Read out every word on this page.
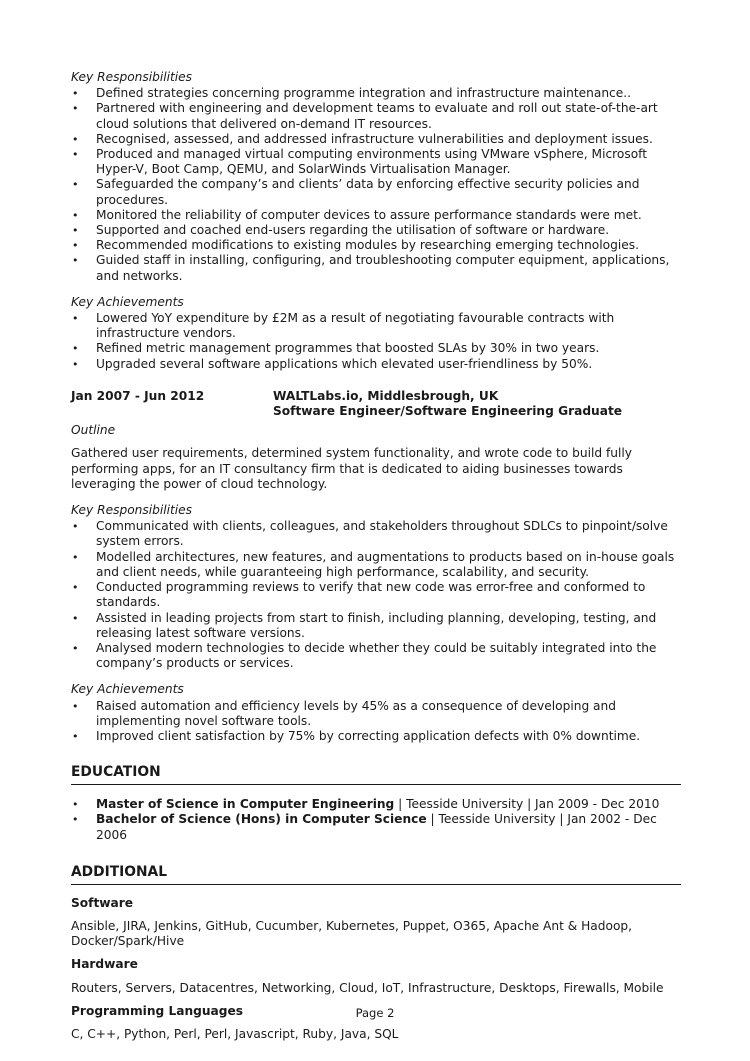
Key Responsibilities
• Defined strategies concerning programme integration and infrastructure maintenance..
• Partnered with engineering and development teams to evaluate and roll out state-of-the-art cloud solutions that delivered on-demand IT resources.
• Recognised, assessed, and addressed infrastructure vulnerabilities and deployment issues.
• Produced and managed virtual computing environments using VMware vSphere, Microsoft Hyper-V, Boot Camp, QEMU, and SolarWinds Virtualisation Manager.
• Safeguarded the company’s and clients’ data by enforcing effective security policies and procedures.
• Monitored the reliability of computer devices to assure performance standards were met.
• Supported and coached end-users regarding the utilisation of software or hardware.
• Recommended modifications to existing modules by researching emerging technologies.
• Guided staff in installing, configuring, and troubleshooting computer equipment, applications, and networks.
Key Achievements
• Lowered YoY expenditure by £2M as a result of negotiating favourable contracts with infrastructure vendors.
• Refined metric management programmes that boosted SLAs by 30% in two years.
• Upgraded several software applications which elevated user-friendliness by 50%.
Jan 2007 - Jun 2012	WALTLabs.io, Middlesbrough, UK
Software Engineer/Software Engineering Graduate
Outline

Gathered user requirements, determined system functionality, and wrote code to build fully performing apps, for an IT consultancy firm that is dedicated to aiding businesses towards leveraging the power of cloud technology.

Key Responsibilities
• Communicated with clients, colleagues, and stakeholders throughout SDLCs to pinpoint/solve system errors.
• Modelled architectures, new features, and augmentations to products based on in-house goals and client needs, while guaranteeing high performance, scalability, and security.
• Conducted programming reviews to verify that new code was error-free and conformed to standards.
• Assisted in leading projects from start to finish, including planning, developing, testing, and releasing latest software versions.
• Analysed modern technologies to decide whether they could be suitably integrated into the company’s products or services.
Key Achievements
• Raised automation and efficiency levels by 45% as a consequence of developing and implementing novel software tools.
• Improved client satisfaction by 75% by correcting application defects with 0% downtime.
EDUCATION
• Master of Science in Computer Engineering | Teesside University | Jan 2009 - Dec 2010
• Bachelor of Science (Hons) in Computer Science | Teesside University | Jan 2002 - Dec 2006
ADDITIONAL
Software
Ansible, JIRA, Jenkins, GitHub, Cucumber, Kubernetes, Puppet, O365, Apache Ant & Hadoop, Docker/Spark/Hive
Hardware
Routers, Servers, Datacentres, Networking, Cloud, IoT, Infrastructure, Desktops, Firewalls, Mobile
Programming Languages
C, C++, Python, Perl, Perl, Javascript, Ruby, Java, SQL
Page 2
